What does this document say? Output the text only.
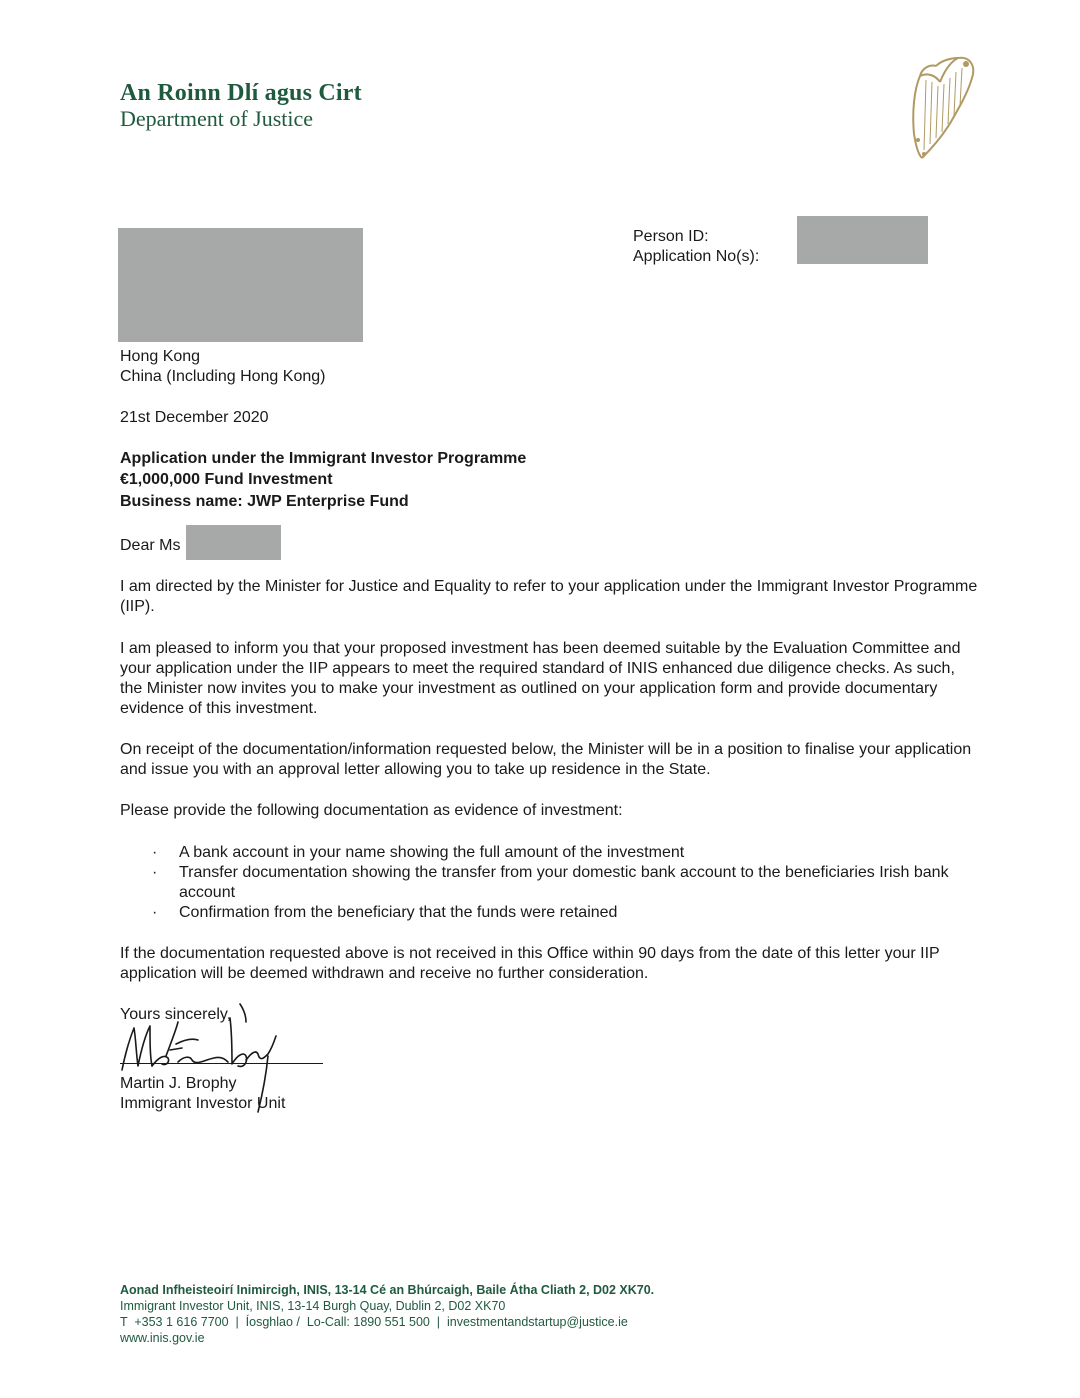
An Roinn Dlí agus Cirt
Department of Justice
Person ID:
Application No(s):
Hong Kong
China (Including Hong Kong)
21st December 2020
Application under the Immigrant Investor Programme
€1,000,000 Fund Investment
Business name: JWP Enterprise Fund
Dear Ms
I am directed by the Minister for Justice and Equality to refer to your application under the Immigrant Investor Programme (IIP).
I am pleased to inform you that your proposed investment has been deemed suitable by the Evaluation Committee and your application under the IIP appears to meet the required standard of INIS enhanced due diligence checks. As such, the Minister now invites you to make your investment as outlined on your application form and provide documentary evidence of this investment.
On receipt of the documentation/information requested below, the Minister will be in a position to finalise your application and issue you with an approval letter allowing you to take up residence in the State.
Please provide the following documentation as evidence of investment:
· A bank account in your name showing the full amount of the investment
· Transfer documentation showing the transfer from your domestic bank account to the beneficiaries Irish bank account
· Confirmation from the beneficiary that the funds were retained
If the documentation requested above is not received in this Office within 90 days from the date of this letter your IIP application will be deemed withdrawn and receive no further consideration.
Yours sincerely,
Martin J. Brophy
Immigrant Investor Unit
Aonad Infheisteoirí Inimircigh, INIS, 13-14 Cé an Bhúrcaigh, Baile Átha Cliath 2, D02 XK70.
Immigrant Investor Unit, INIS, 13-14 Burgh Quay, Dublin 2, D02 XK70
T  +353 1 616 7700  |  Íosghlao /  Lo-Call: 1890 551 500  |  investmentandstartup@justice.ie
www.inis.gov.ie
